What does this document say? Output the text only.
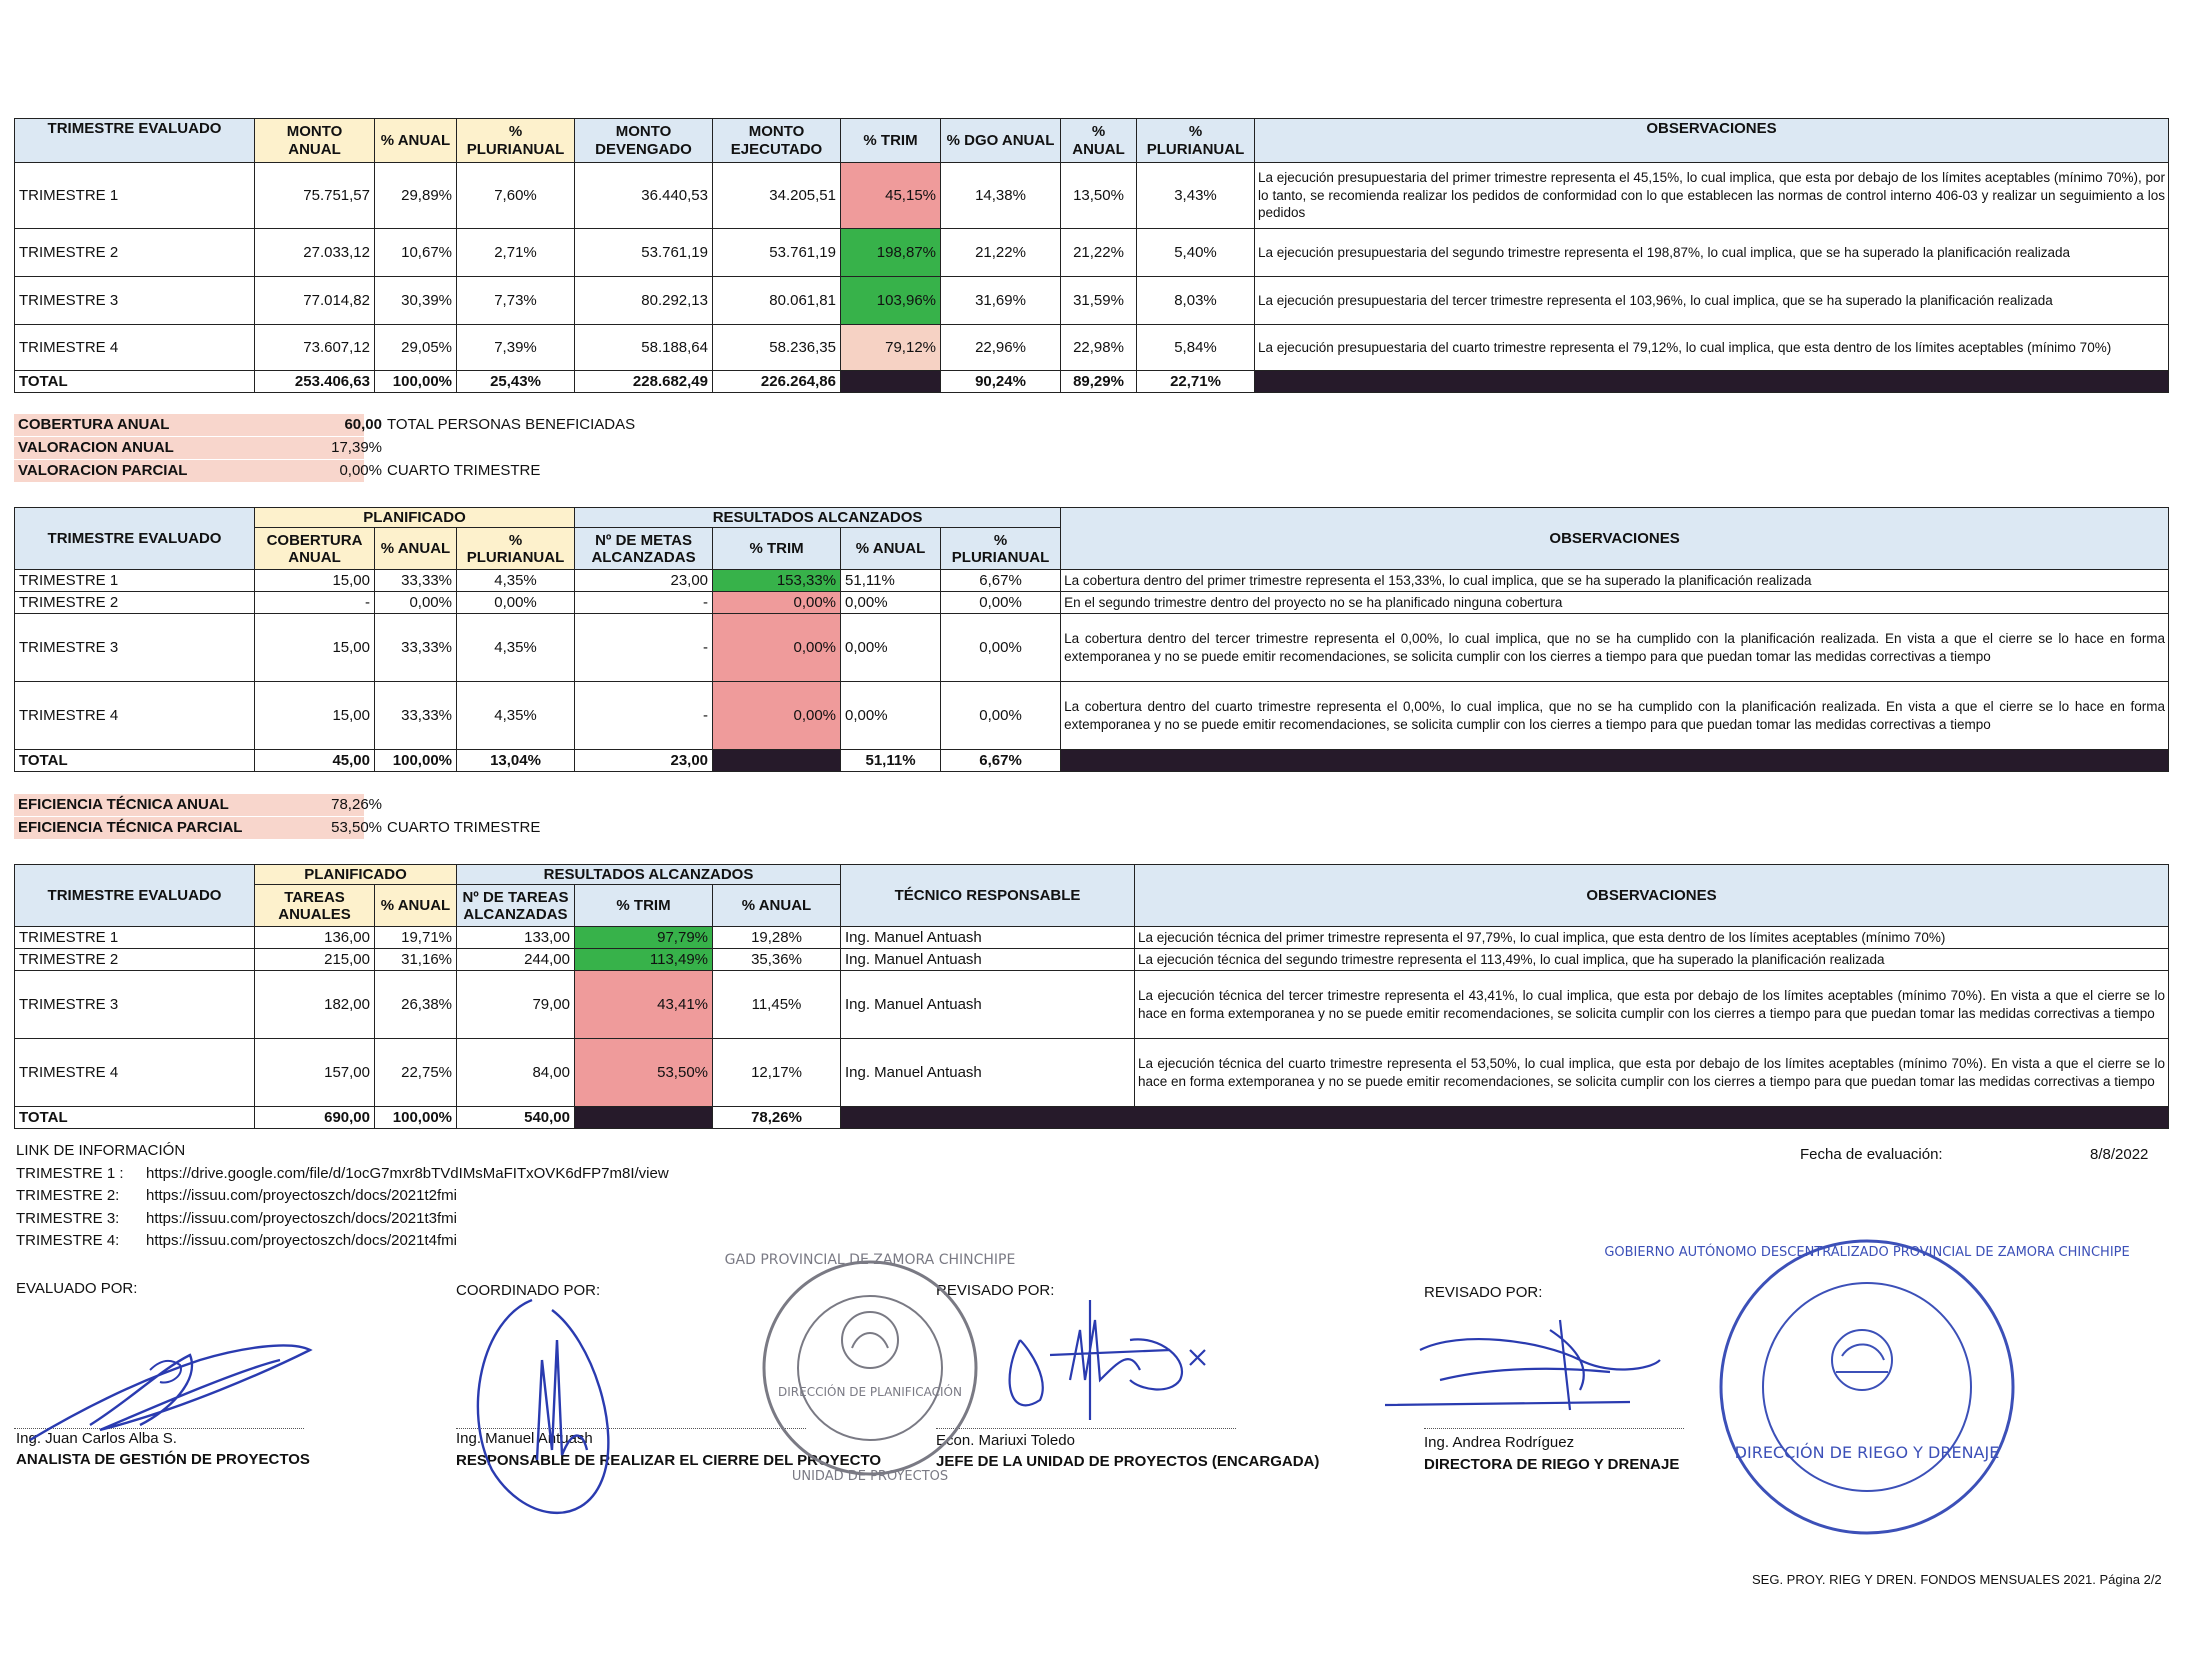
TRIMESTRE EVALUADO	MONTO ANUAL	% ANUAL	% PLURIANUAL	MONTO DEVENGADO	MONTO EJECUTADO	% TRIM	% DGO ANUAL	% ANUAL	% PLURIANUAL	OBSERVACIONES
TRIMESTRE 1	75.751,57	29,89%	7,60%	36.440,53	34.205,51	45,15%	14,38%	13,50%	3,43%	La ejecución presupuestaria del primer trimestre representa el 45,15%, lo cual implica, que esta por debajo de los límites aceptables (mínimo 70%), por lo tanto, se recomienda realizar los pedidos de conformidad con lo que establecen las normas de control interno 406-03 y realizar un seguimiento a los pedidos
TRIMESTRE 2	27.033,12	10,67%	2,71%	53.761,19	53.761,19	198,87%	21,22%	21,22%	5,40%	La ejecución presupuestaria del segundo trimestre representa el 198,87%, lo cual implica, que se ha superado la planificación realizada
TRIMESTRE 3	77.014,82	30,39%	7,73%	80.292,13	80.061,81	103,96%	31,69%	31,59%	8,03%	La ejecución presupuestaria del tercer trimestre representa el 103,96%, lo cual implica, que se ha superado la planificación realizada
TRIMESTRE 4	73.607,12	29,05%	7,39%	58.188,64	58.236,35	79,12%	22,96%	22,98%	5,84%	La ejecución presupuestaria del cuarto trimestre representa el 79,12%, lo cual implica, que esta dentro de los límites aceptables (mínimo 70%)
TOTAL	253.406,63	100,00%	25,43%	228.682,49	226.264,86		90,24%	89,29%	22,71%	
COBERTURA ANUAL	60,00 TOTAL PERSONAS BENEFICIADAS
VALORACION ANUAL	17,39%
VALORACION PARCIAL	0,00% CUARTO TRIMESTRE
TRIMESTRE EVALUADO	PLANIFICADO			RESULTADOS ALCANZADOS				OBSERVACIONES
	COBERTURA ANUAL	% ANUAL	% PLURIANUAL	Nº DE METAS ALCANZADAS	% TRIM	% ANUAL	% PLURIANUAL	
TRIMESTRE 1	15,00	33,33%	4,35%	23,00	153,33%	51,11%	6,67%	La cobertura dentro del primer trimestre representa el 153,33%, lo cual implica, que se ha superado la planificación realizada
TRIMESTRE 2	-	0,00%	0,00%	-	0,00%	0,00%	0,00%	En el segundo trimestre dentro del proyecto no se ha planificado ninguna cobertura
TRIMESTRE 3	15,00	33,33%	4,35%	-	0,00%	0,00%	0,00%	La cobertura dentro del tercer trimestre representa el 0,00%, lo cual implica, que no se ha cumplido con la planificación realizada. En vista a que el cierre se lo hace en forma extemporanea y no se puede emitir recomendaciones, se solicita cumplir con los cierres a tiempo para que puedan tomar las medidas correctivas a tiempo
TRIMESTRE 4	15,00	33,33%	4,35%	-	0,00%	0,00%	0,00%	La cobertura dentro del cuarto trimestre representa el 0,00%, lo cual implica, que no se ha cumplido con la planificación realizada. En vista a que el cierre se lo hace en forma extemporanea y no se puede emitir recomendaciones, se solicita cumplir con los cierres a tiempo para que puedan tomar las medidas correctivas a tiempo
TOTAL	45,00	100,00%	13,04%	23,00		51,11%	6,67%	
EFICIENCIA TÉCNICA ANUAL	78,26%
EFICIENCIA TÉCNICA PARCIAL	53,50% CUARTO TRIMESTRE
TRIMESTRE EVALUADO	PLANIFICADO		RESULTADOS ALCANZADOS			TÉCNICO RESPONSABLE	OBSERVACIONES
	TAREAS ANUALES	% ANUAL	Nº DE TAREAS ALCANZADAS	% TRIM	% ANUAL		
TRIMESTRE 1	136,00	19,71%	133,00	97,79%	19,28%	Ing. Manuel Antuash	La ejecución técnica del primer trimestre representa el 97,79%, lo cual implica, que esta dentro de los límites aceptables (mínimo 70%)
TRIMESTRE 2	215,00	31,16%	244,00	113,49%	35,36%	Ing. Manuel Antuash	La ejecución técnica del segundo trimestre representa el 113,49%, lo cual implica, que ha superado la planificación realizada
TRIMESTRE 3	182,00	26,38%	79,00	43,41%	11,45%	Ing. Manuel Antuash	La ejecución técnica del tercer trimestre representa el 43,41%, lo cual implica, que esta por debajo de los límites aceptables (mínimo 70%). En vista a que el cierre se lo hace en forma extemporanea y no se puede emitir recomendaciones, se solicita cumplir con los cierres a tiempo para que puedan tomar las medidas correctivas a tiempo
TRIMESTRE 4	157,00	22,75%	84,00	53,50%	12,17%	Ing. Manuel Antuash	La ejecución técnica del cuarto trimestre representa el 53,50%, lo cual implica, que esta por debajo de los límites aceptables (mínimo 70%). En vista a que el cierre se lo hace en forma extemporanea y no se puede emitir recomendaciones, se solicita cumplir con los cierres a tiempo para que puedan tomar las medidas correctivas a tiempo
TOTAL	690,00	100,00%	540,00		78,26%		
LINK DE INFORMACIÓN
TRIMESTRE 1 : https://drive.google.com/file/d/1ocG7mxr8bTVdIMsMaFITxOVK6dFP7m8I/view
TRIMESTRE 2: https://issuu.com/proyectoszch/docs/2021t2fmi
TRIMESTRE 3: https://issuu.com/proyectoszch/docs/2021t3fmi
TRIMESTRE 4: https://issuu.com/proyectoszch/docs/2021t4fmi
Fecha de evaluación:	8/8/2022
EVALUADO POR:	COORDINADO POR:	REVISADO POR:	REVISADO POR:
Ing. Juan Carlos Alba S.
ANALISTA DE GESTIÓN DE PROYECTOS
Ing. Manuel Antuash
RESPONSABLE DE REALIZAR EL CIERRE DEL PROYECTO
Econ. Mariuxi Toledo
JEFE DE LA UNIDAD DE PROYECTOS (ENCARGADA)
Ing. Andrea Rodríguez
DIRECTORA DE RIEGO Y DRENAJE
GAD PROVINCIAL DE ZAMORA CHINCHIPE
DIRECCIÓN DE PLANIFICACIÓN
UNIDAD DE PROYECTOS
GOBIERNO AUTÓNOMO DESCENTRALIZADO PROVINCIAL DE ZAMORA CHINCHIPE
DIRECCIÓN DE RIEGO Y DRENAJE
SEG. PROY. RIEG Y DREN. FONDOS MENSUALES 2021. Página 2/2
